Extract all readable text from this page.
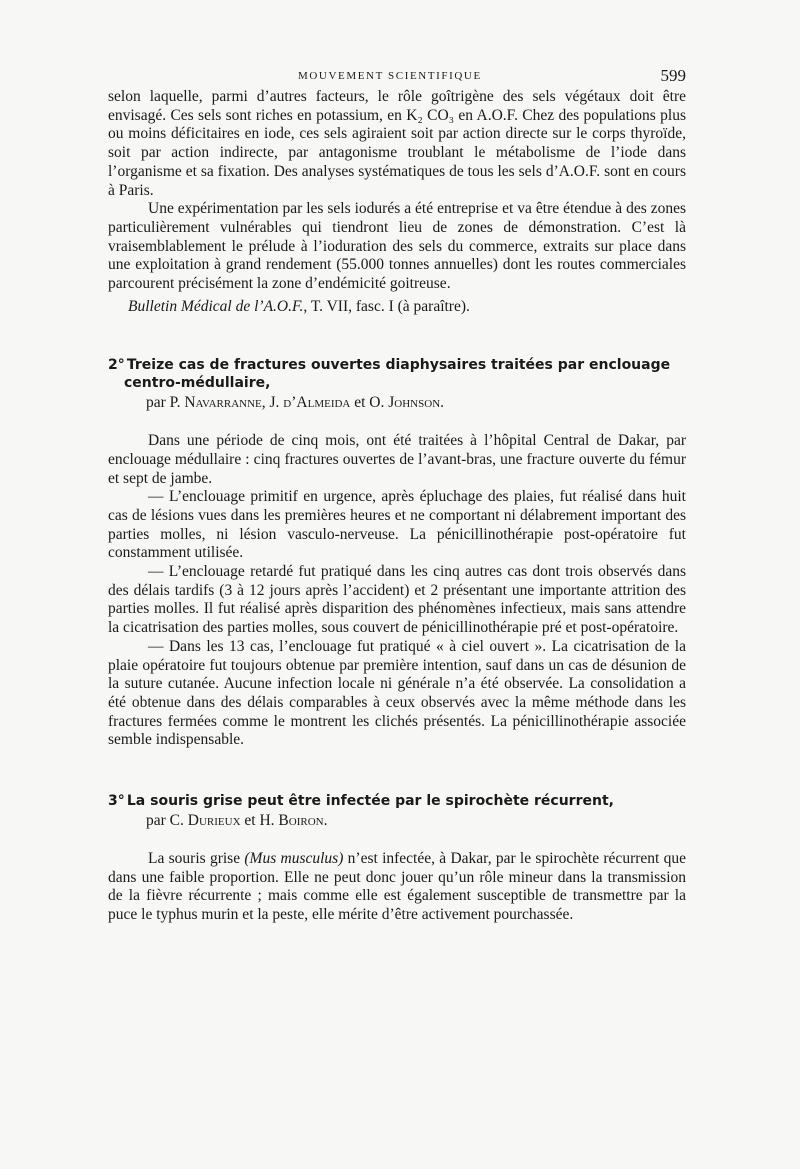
MOUVEMENT SCIENTIFIQUE	599

selon laquelle, parmi d’autres facteurs, le rôle goîtrigène des sels végétaux doit être envisagé. Ces sels sont riches en potassium, en K₂ CO₃ en A.O.F. Chez des populations plus ou moins déficitaires en iode, ces sels agiraient soit par action directe sur le corps thyroïde, soit par action indirecte, par antagonisme troublant le métabolisme de l’iode dans l’organisme et sa fixation. Des analyses systématiques de tous les sels d’A.O.F. sont en cours à Paris.

Une expérimentation par les sels iodurés a été entreprise et va être étendue à des zones particulièrement vulnérables qui tiendront lieu de zones de démonstration. C’est là vraisemblablement le prélude à l’ioduration des sels du commerce, extraits sur place dans une exploitation à grand rendement (55.000 tonnes annuelles) dont les routes commerciales parcourent précisément la zone d’endémicité goitreuse.

Bulletin Médical de l’A.O.F., T. VII, fasc. I (à paraître).

2° Treize cas de fractures ouvertes diaphysaires traitées par enclouage
centro-médullaire,
par P. Navarranne, J. d’Almeida et O. Johnson.

Dans une période de cinq mois, ont été traitées à l’hôpital Central de Dakar, par enclouage médullaire : cinq fractures ouvertes de l’avant-bras, une fracture ouverte du fémur et sept de jambe.

— L’enclouage primitif en urgence, après épluchage des plaies, fut réalisé dans huit cas de lésions vues dans les premières heures et ne comportant ni délabrement important des parties molles, ni lésion vasculo-nerveuse. La pénicillinothérapie post-opératoire fut constamment utilisée.

— L’enclouage retardé fut pratiqué dans les cinq autres cas dont trois observés dans des délais tardifs (3 à 12 jours après l’accident) et 2 présentant une importante attrition des parties molles. Il fut réalisé après disparition des phénomènes infectieux, mais sans attendre la cicatrisation des parties molles, sous couvert de pénicillinothérapie pré et post-opératoire.

— Dans les 13 cas, l’enclouage fut pratiqué « à ciel ouvert ». La cicatrisation de la plaie opératoire fut toujours obtenue par première intention, sauf dans un cas de désunion de la suture cutanée. Aucune infection locale ni générale n’a été observée. La consolidation a été obtenue dans des délais comparables à ceux observés avec la même méthode dans les fractures fermées comme le montrent les clichés présentés. La pénicillinothérapie associée semble indispensable.

3° La souris grise peut être infectée par le spirochète récurrent,
par C. Durieux et H. Boiron.

La souris grise (Mus musculus) n’est infectée, à Dakar, par le spirochète récurrent que dans une faible proportion. Elle ne peut donc jouer qu’un rôle mineur dans la transmission de la fièvre récurrente ; mais comme elle est également susceptible de transmettre par la puce le typhus murin et la peste, elle mérite d’être activement pourchassée.
